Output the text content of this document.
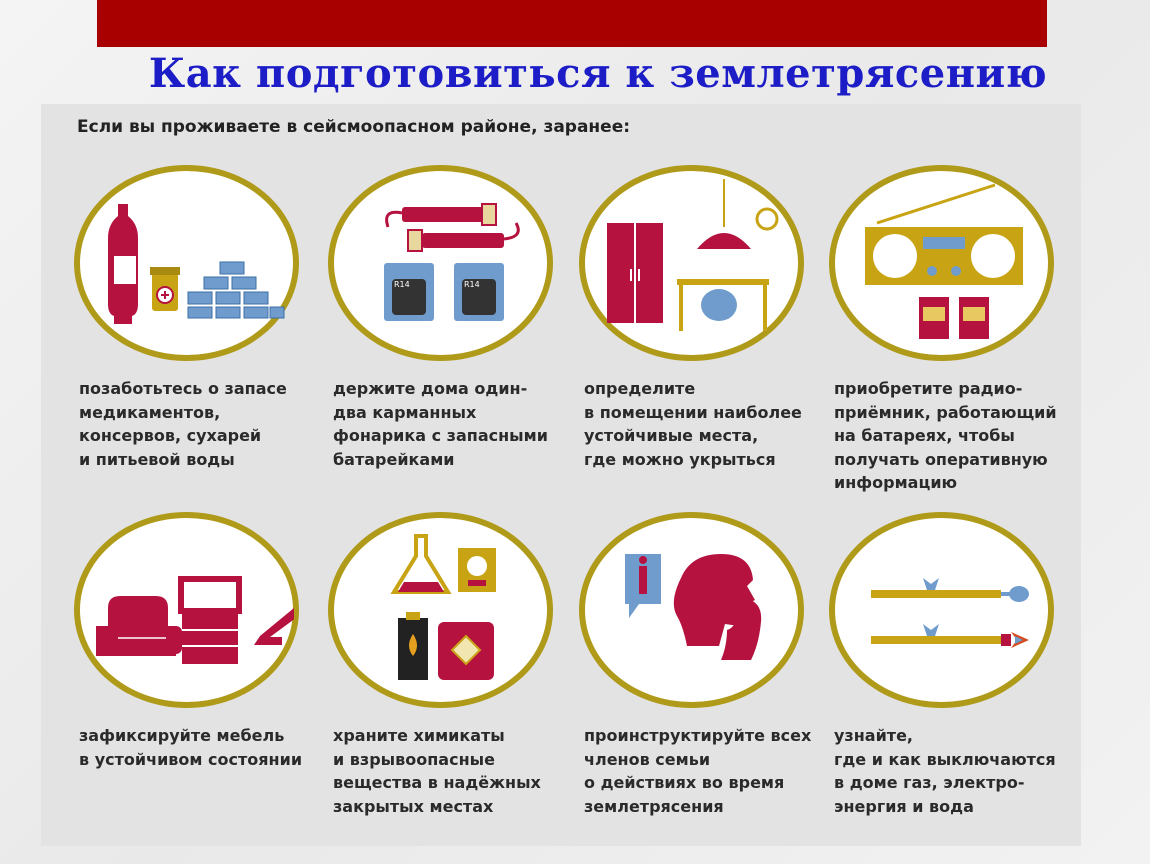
Как подготовиться к землетрясению
Если вы проживаете в сейсмоопасном районе, заранее:
позаботьтесь о запасе
медикаментов,
консервов, сухарей
и питьевой воды
R14	R14
держите дома один-
два карманных
фонарика с запасными
батарейками
определите
в помещении наиболее
устойчивые места,
где можно укрыться
приобретите радио-
приёмник, работающий
на батареях, чтобы
получать оперативную
информацию
зафиксируйте мебель
в устойчивом состоянии
храните химикаты
и взрывоопасные
вещества в надёжных
закрытых местах
проинструктируйте всех
членов семьи
о действиях во время
землетрясения
узнайте,
где и как выключаются
в доме газ, электро-
энергия и вода
